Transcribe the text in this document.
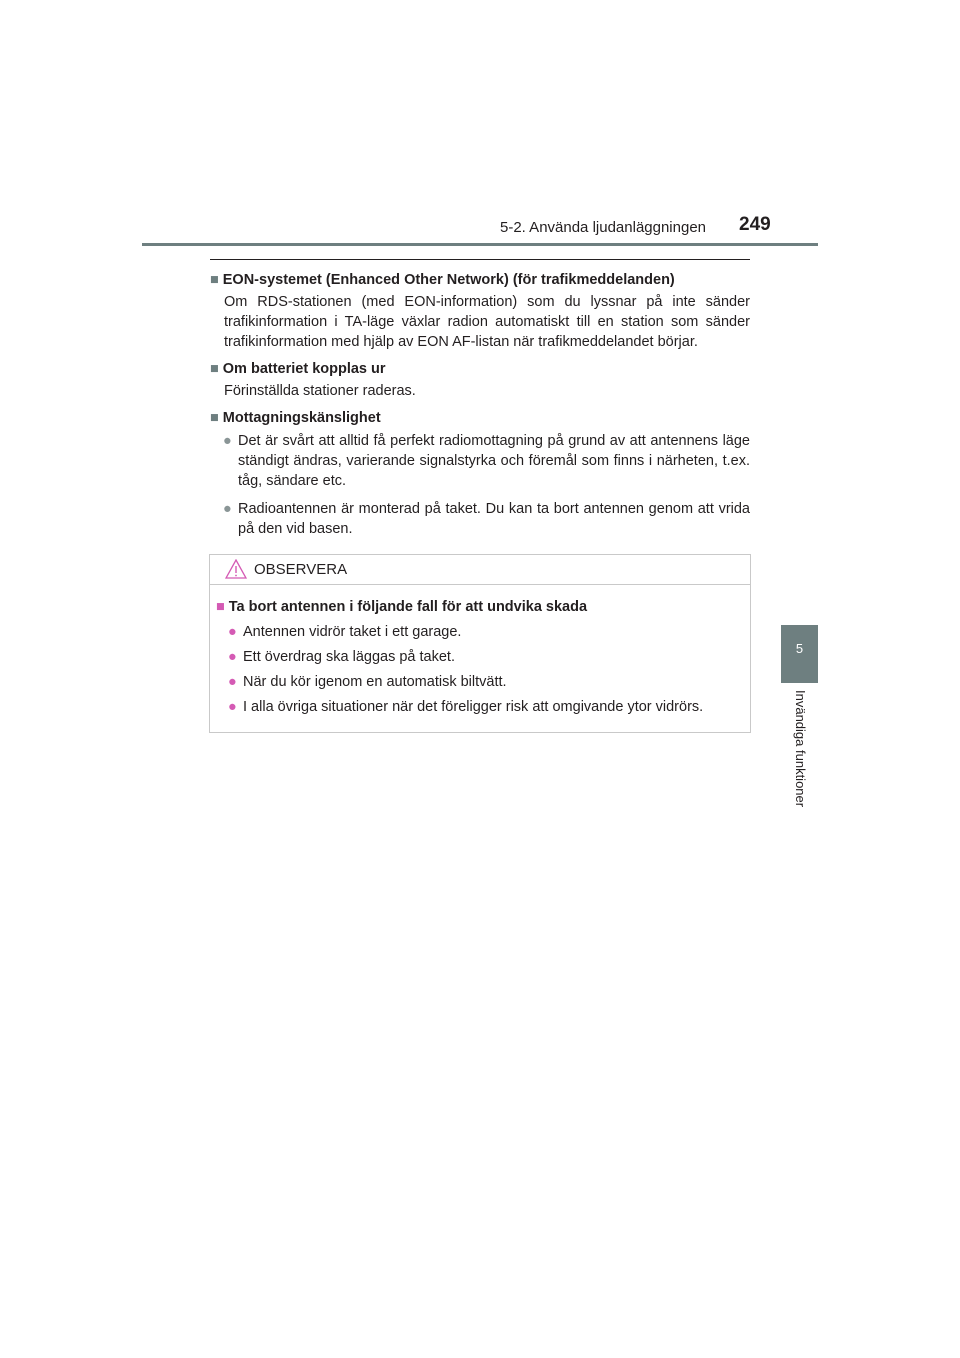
5-2. Använda ljudanläggningen 249
5
Invändiga funktioner

■ EON-systemet (Enhanced Other Network) (för trafikmeddelanden)

Om RDS-stationen (med EON-information) som du lyssnar på inte sänder trafikinformation i TA-läge växlar radion automatiskt till en station som sänder trafikinformation med hjälp av EON AF-listan när trafikmeddelandet börjar.

■ Om batteriet kopplas ur

Förinställda stationer raderas.

■ Mottagningskänslighet

● Det är svårt att alltid få perfekt radiomottagning på grund av att antennens läge ständigt ändras, varierande signalstyrka och föremål som finns i närheten, t.ex. tåg, sändare etc.
● Radioantennen är monterad på taket. Du kan ta bort antennen genom att vrida på den vid basen.
OBSERVERA

■ Ta bort antennen i följande fall för att undvika skada

● Antennen vidrör taket i ett garage.
● Ett överdrag ska läggas på taket.
● När du kör igenom en automatisk biltvätt.
● I alla övriga situationer när det föreligger risk att omgivande ytor vidrörs.
